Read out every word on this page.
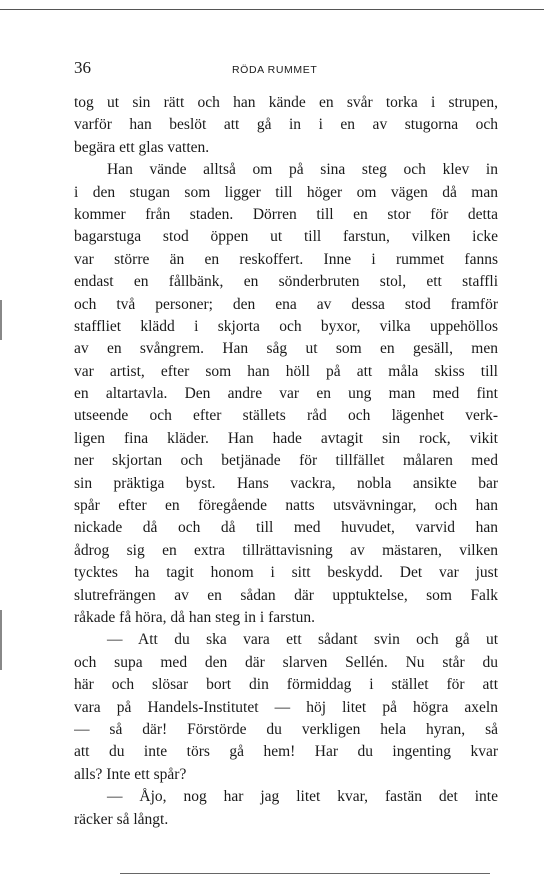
36	RÖDA RUMMET
tog ut sin rätt och han kände en svår torka i strupen,
varför han beslöt att gå in i en av stugorna och
begära ett glas vatten.
Han vände alltså om på sina steg och klev in
i den stugan som ligger till höger om vägen då man
kommer från staden. Dörren till en stor för detta
bagarstuga stod öppen ut till farstun, vilken icke
var större än en reskoffert. Inne i rummet fanns
endast en fållbänk, en sönderbruten stol, ett staffli
och två personer; den ena av dessa stod framför
staffliet klädd i skjorta och byxor, vilka uppehöllos
av en svångrem. Han såg ut som en gesäll, men
var artist, efter som han höll på att måla skiss till
en altartavla. Den andre var en ung man med fint
utseende och efter ställets råd och lägenhet verk-
ligen fina kläder. Han hade avtagit sin rock, vikit
ner skjortan och betjänade för tillfället målaren med
sin präktiga byst. Hans vackra, nobla ansikte bar
spår efter en föregående natts utsvävningar, och han
nickade då och då till med huvudet, varvid han
ådrog sig en extra tillrättavisning av mästaren, vilken
tycktes ha tagit honom i sitt beskydd. Det var just
slutrefrängen av en sådan där upptuktelse, som Falk
råkade få höra, då han steg in i farstun.
— Att du ska vara ett sådant svin och gå ut
och supa med den där slarven Sellén. Nu står du
här och slösar bort din förmiddag i stället för att
vara på Handels-Institutet — höj litet på högra axeln
— så där! Förstörde du verkligen hela hyran, så
att du inte törs gå hem! Har du ingenting kvar
alls? Inte ett spår?
— Åjo, nog har jag litet kvar, fastän det inte
räcker så långt.
